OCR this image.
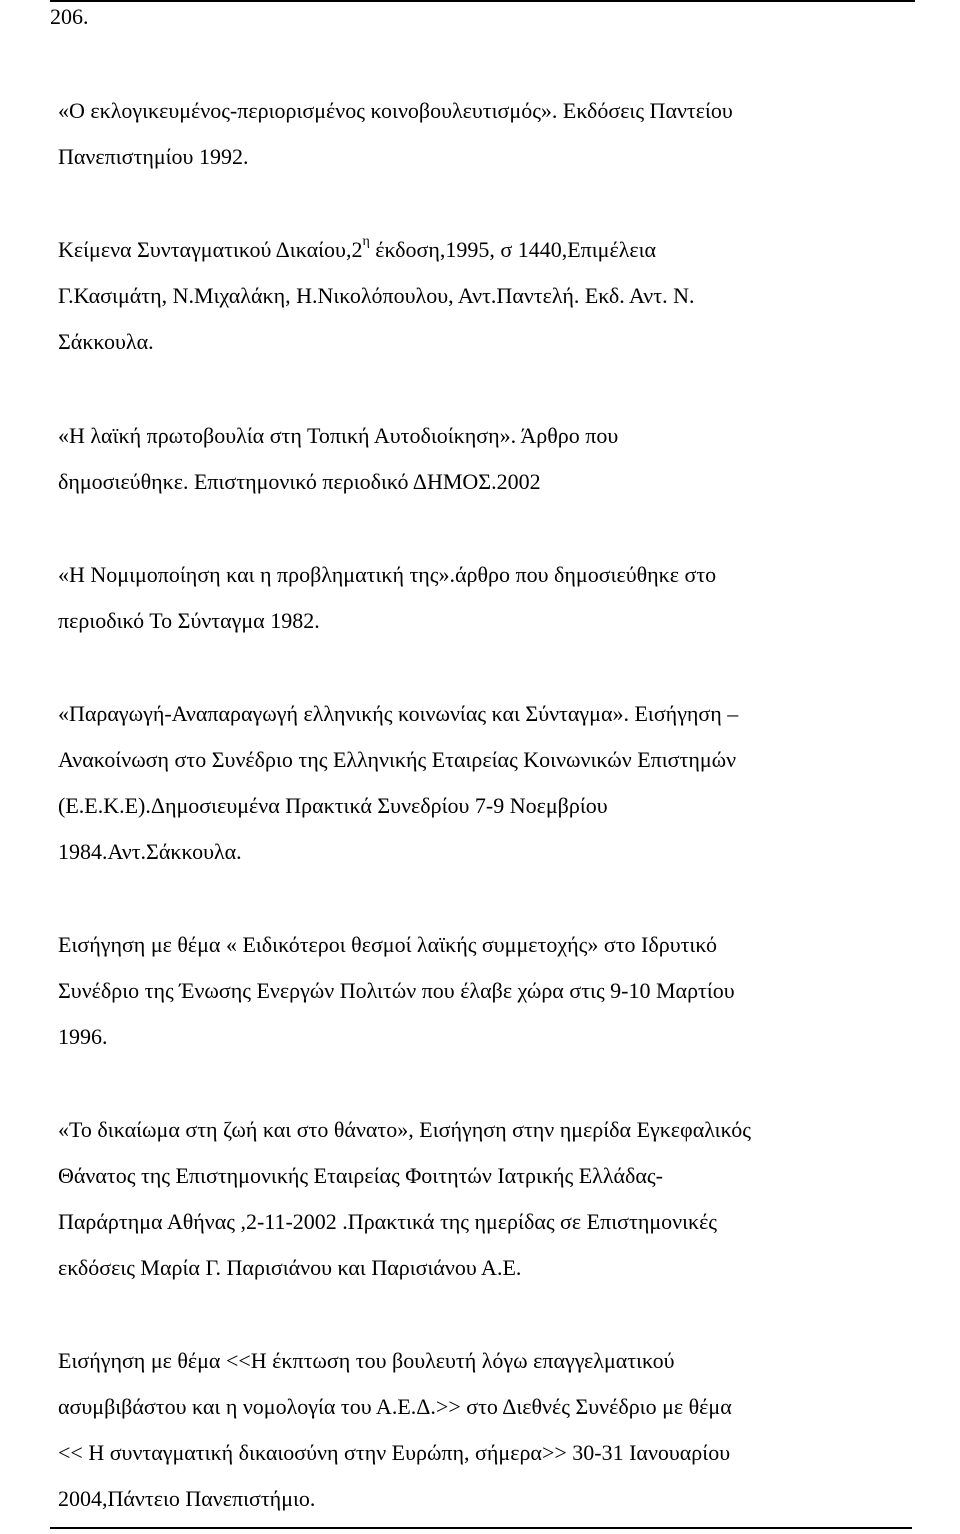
206.
«Ο εκλογικευμένος-περιορισμένος κοινοβουλευτισμός». Εκδόσεις Παντείου
Πανεπιστημίου 1992.
Κείμενα Συνταγματικού $\Delta\iota\kappa\alpha ίo\upsilon,2^\eta$ έκδοση,1995, σ 1440,Επιμέλεια
Γ.Κασιμάτη, Ν.Μιχαλάκη, Η.Νικολόπουλου, Αντ.Παντελή. Εκδ. Αντ. Ν.
Σάκκουλα.
«Η λαϊκή πρωτοβουλία στη Τοπική Αυτοδιοίκηση». Άρθρο που
δημοσιεύθηκε. Επιστημονικό περιοδικό ΔΗΜΟΣ.2002
«Η Νομιμοποίηση και η προβληματική της».άρθρο που δημοσιεύθηκε στο
περιοδικό Το Σύνταγμα 1982.
«Παραγωγή-Αναπαραγωγή ελληνικής κοινωνίας και Σύνταγμα». Εισήγηση –
Ανακοίνωση στο Συνέδριο της Ελληνικής Εταιρείας Κοινωνικών Επιστημών
(Ε.Ε.Κ.Ε).Δημοσιευμένα Πρακτικά Συνεδρίου 7-9 Νοεμβρίου
1984.Αντ.Σάκκουλα.
Εισήγηση με θέμα « Ειδικότεροι θεσμοί λαϊκής συμμετοχής» στο Ιδρυτικό
Συνέδριο της Ένωσης Ενεργών Πολιτών που έλαβε χώρα στις 9-10 Μαρτίου
1996.
«Το δικαίωμα στη ζωή και στο θάνατο», Εισήγηση στην ημερίδα Εγκεφαλικός
Θάνατος της Επιστημονικής Εταιρείας Φοιτητών Ιατρικής Ελλάδας-
Παράρτημα Αθήνας ,2-11-2002 .Πρακτικά της ημερίδας σε Επιστημονικές
εκδόσεις Μαρία Γ. Παρισιάνου και Παρισιάνου Α.Ε.
Εισήγηση με θέμα <<Η έκπτωση του βουλευτή λόγω επαγγελματικού
ασυμβιβάστου και η νομολογία του Α.Ε.Δ.>> στο Διεθνές Συνέδριο με θέμα
<< Η συνταγματική δικαιοσύνη στην Ευρώπη, σήμερα>> 30-31 Ιανουαρίου
2004,Πάντειο Πανεπιστήμιο.
